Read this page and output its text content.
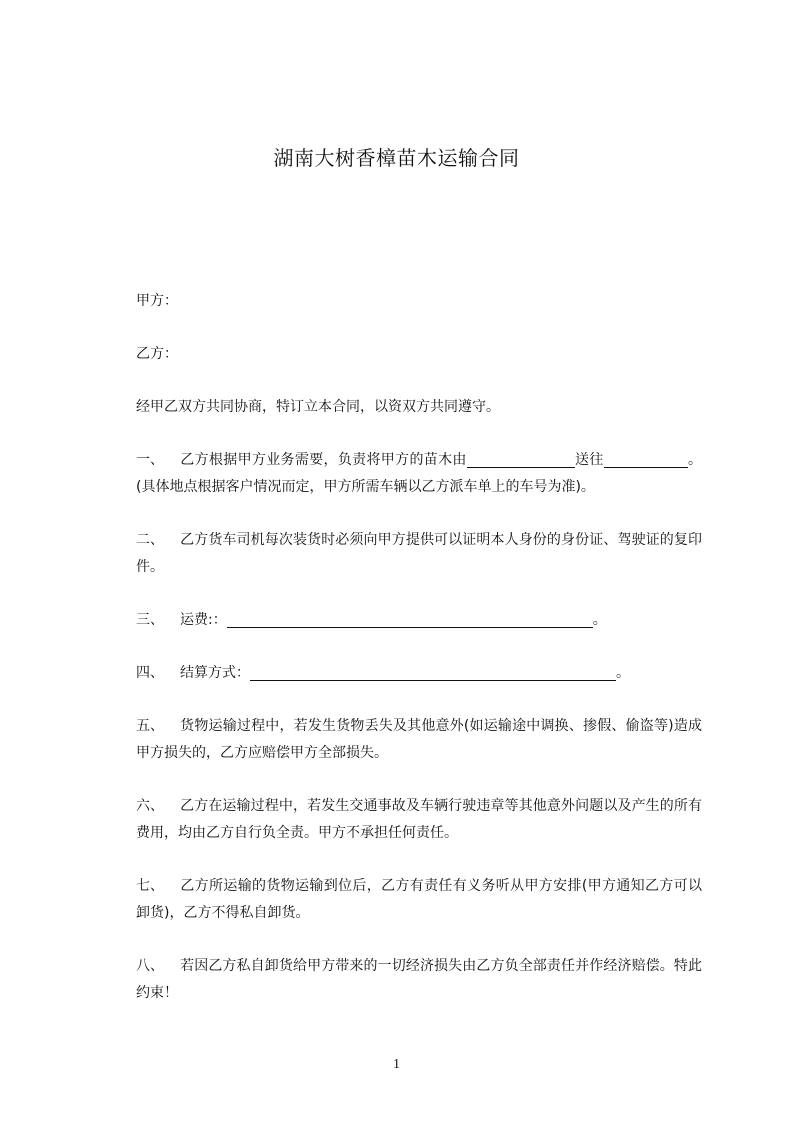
湖南大树香樟苗木运输合同

甲方：

乙方：

经甲乙双方共同协商，特订立本合同，以资双方共同遵守。

一、 乙方根据甲方业务需要，负责将甲方的苗木由	送往	。(具体地点根据客户情况而定，甲方所需车辆以乙方派车单上的车号为准)。

二、 乙方货车司机每次装货时必须向甲方提供可以证明本人身份的身份证、驾驶证的复印件。

三、 运费:：	。

四、 结算方式：	。

五、 货物运输过程中，若发生货物丢失及其他意外(如运输途中调换、掺假、偷盗等)造成甲方损失的，乙方应赔偿甲方全部损失。

六、 乙方在运输过程中，若发生交通事故及车辆行驶违章等其他意外问题以及产生的所有费用，均由乙方自行负全责。甲方不承担任何责任。

七、 乙方所运输的货物运输到位后，乙方有责任有义务听从甲方安排(甲方通知乙方可以卸货)，乙方不得私自卸货。

八、 若因乙方私自卸货给甲方带来的一切经济损失由乙方负全部责任并作经济赔偿。特此约束！

1
